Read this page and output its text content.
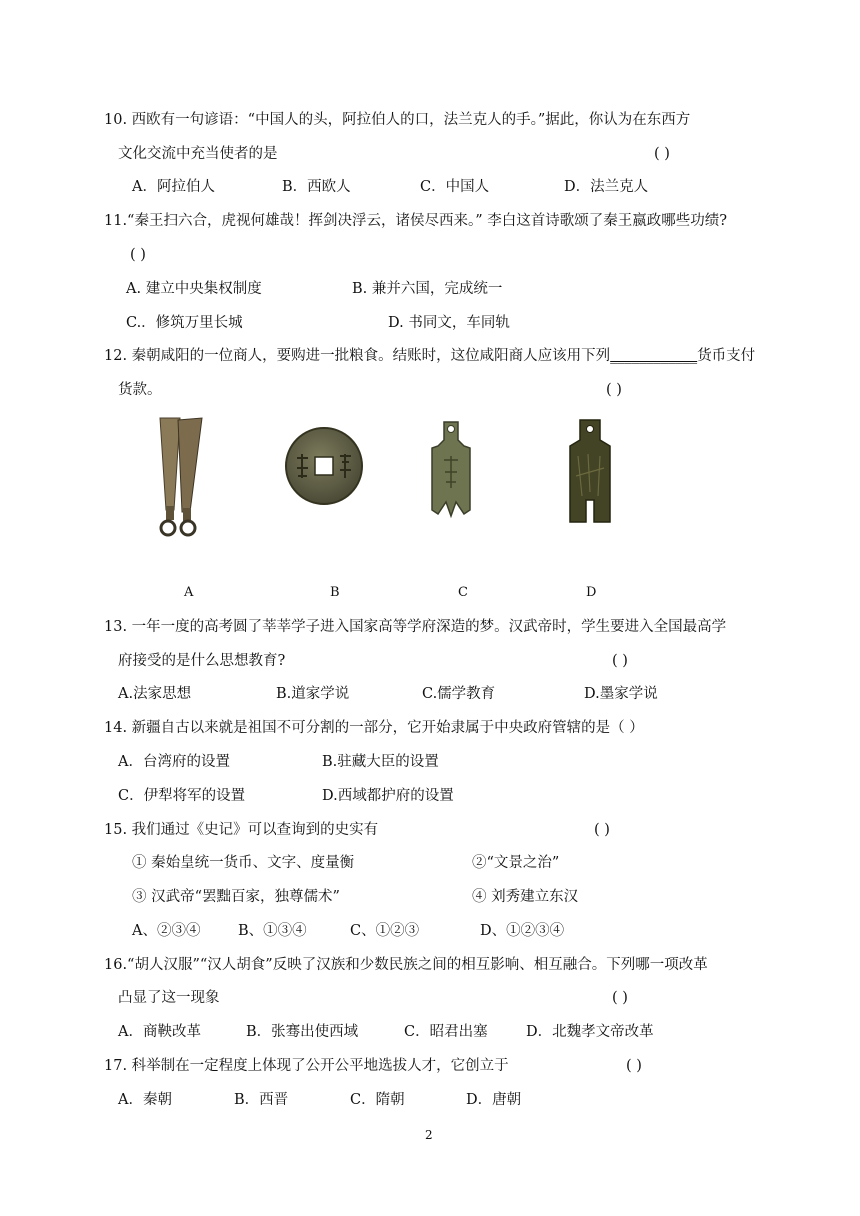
10. 西欧有一句谚语：“中国人的头，阿拉伯人的口，法兰克人的手。”据此，你认为在东西方
文化交流中充当使者的是	( )
A．阿拉伯人	B．西欧人	C．中国人	D．法兰克人
11.“秦王扫六合，虎视何雄哉！挥剑决浮云，诸侯尽西来。” 李白这首诗歌颂了秦王嬴政哪些功绩?
( )
A. 建立中央集权制度	B. 兼并六国，完成统一
C.．修筑万里长城	D. 书同文，车同轨
12. 秦朝咸阳的一位商人，要购进一批粮食。结账时，这位咸阳商人应该用下列____________货币支付
货款。	( )
A	B	C	D
13. 一年一度的高考圆了莘莘学子进入国家高等学府深造的梦。汉武帝时，学生要进入全国最高学
府接受的是什么思想教育?	( )
A.法家思想	B.道家学说	C.儒学教育	D.墨家学说
14. 新疆自古以来就是祖国不可分割的一部分，它开始隶属于中央政府管辖的是（ ）
A．台湾府的设置	B.驻藏大臣的设置
C．伊犁将军的设置	D.西域都护府的设置
15. 我们通过《史记》可以查询到的史实有	( )
① 秦始皇统一货币、文字、度量衡	②“文景之治”
③ 汉武帝“罢黜百家，独尊儒术”	④ 刘秀建立东汉
A、②③④	B、①③④	C、①②③	D、①②③④
16.“胡人汉服”“汉人胡食”反映了汉族和少数民族之间的相互影响、相互融合。下列哪一项改革
凸显了这一现象	( )
A．商鞅改革	B．张骞出使西域	C．昭君出塞	D．北魏孝文帝改革
17. 科举制在一定程度上体现了公开公平地选拔人才，它创立于	( )
A．秦朝	B．西晋	C．隋朝	D．唐朝
2
